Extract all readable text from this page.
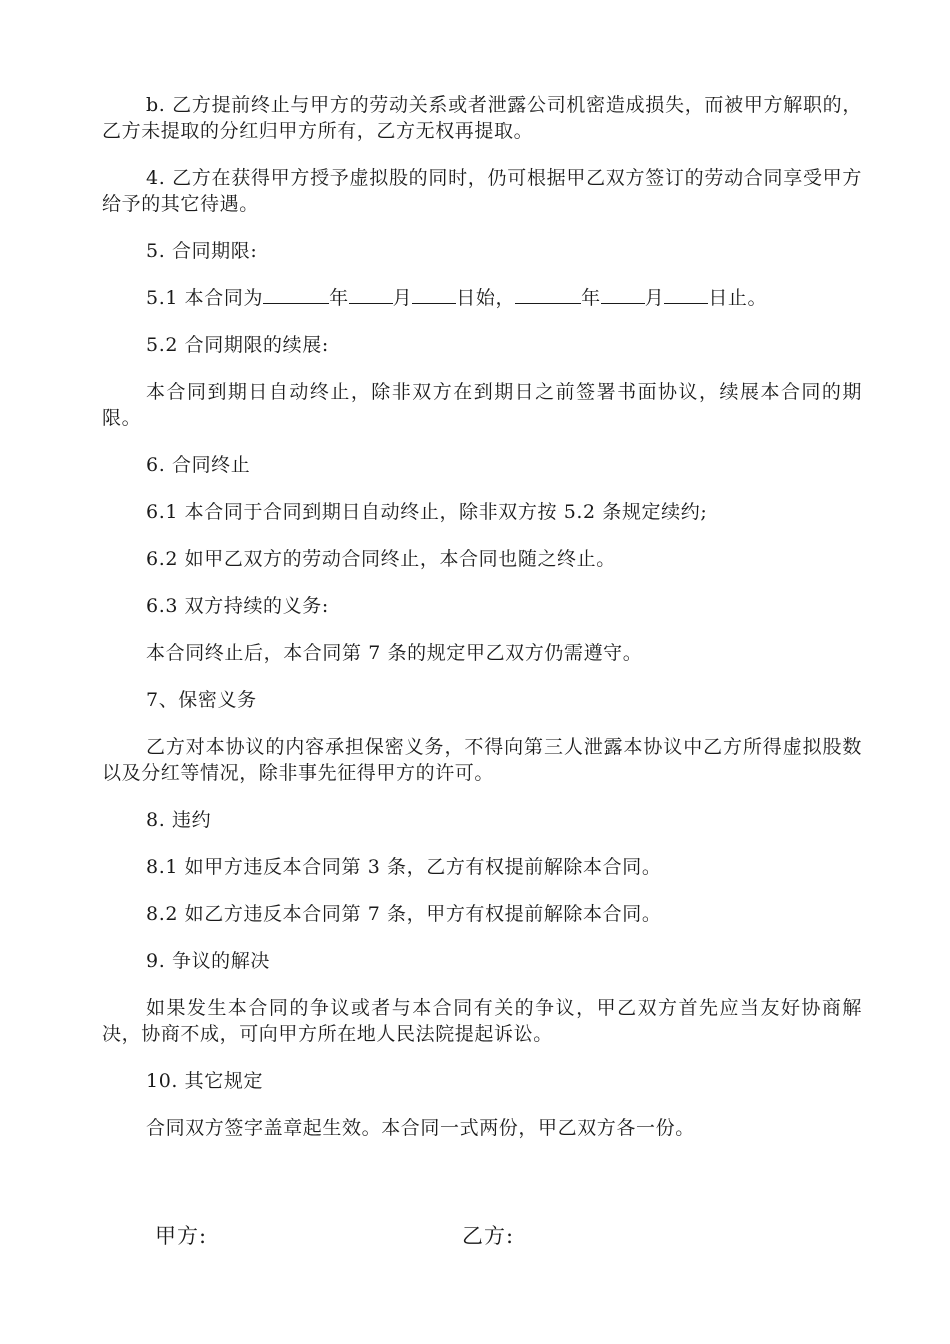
b. 乙方提前终止与甲方的劳动关系或者泄露公司机密造成损失，而被甲方解职的，乙方未提取的分红归甲方所有，乙方无权再提取。

4. 乙方在获得甲方授予虚拟股的同时，仍可根据甲乙双方签订的劳动合同享受甲方给予的其它待遇。

5. 合同期限:

5.1 本合同为	年 月 日始，	年 月 日止。

5.2 合同期限的续展:

本合同到期日自动终止，除非双方在到期日之前签署书面协议，续展本合同的期限。

6. 合同终止

6.1 本合同于合同到期日自动终止，除非双方按 5.2 条规定续约;

6.2 如甲乙双方的劳动合同终止，本合同也随之终止。

6.3 双方持续的义务:

本合同终止后，本合同第 7 条的规定甲乙双方仍需遵守。

7、保密义务

乙方对本协议的内容承担保密义务，不得向第三人泄露本协议中乙方所得虚拟股数以及分红等情况，除非事先征得甲方的许可。

8. 违约

8.1 如甲方违反本合同第 3 条，乙方有权提前解除本合同。

8.2 如乙方违反本合同第 7 条，甲方有权提前解除本合同。

9. 争议的解决

如果发生本合同的争议或者与本合同有关的争议，甲乙双方首先应当友好协商解决，协商不成，可向甲方所在地人民法院提起诉讼。

10. 其它规定

合同双方签字盖章起生效。本合同一式两份，甲乙双方各一份。

甲方:	乙方:
